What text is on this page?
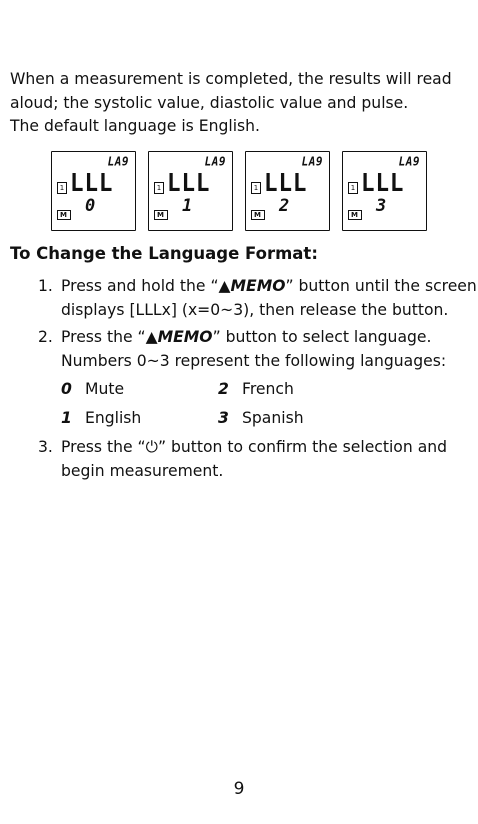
When a measurement is completed, the results will read
aloud; the systolic value, diastolic value and pulse.
The default language is English.
LA9
1 LLL
0
M
LA9
1 LLL
1
M
LA9
1 LLL
2
M
LA9
1 LLL
3
M
To Change the Language Format:
1. Press and hold the “▲MEMO” button until the screen
displays [LLLx] (x=0~3), then release the button.
2. Press the “▲MEMO” button to select language.
Numbers 0~3 represent the following languages:
0 Mute	2 French
1 English	3 Spanish
3. Press the “⏻” button to confirm the selection and
begin measurement.
9
